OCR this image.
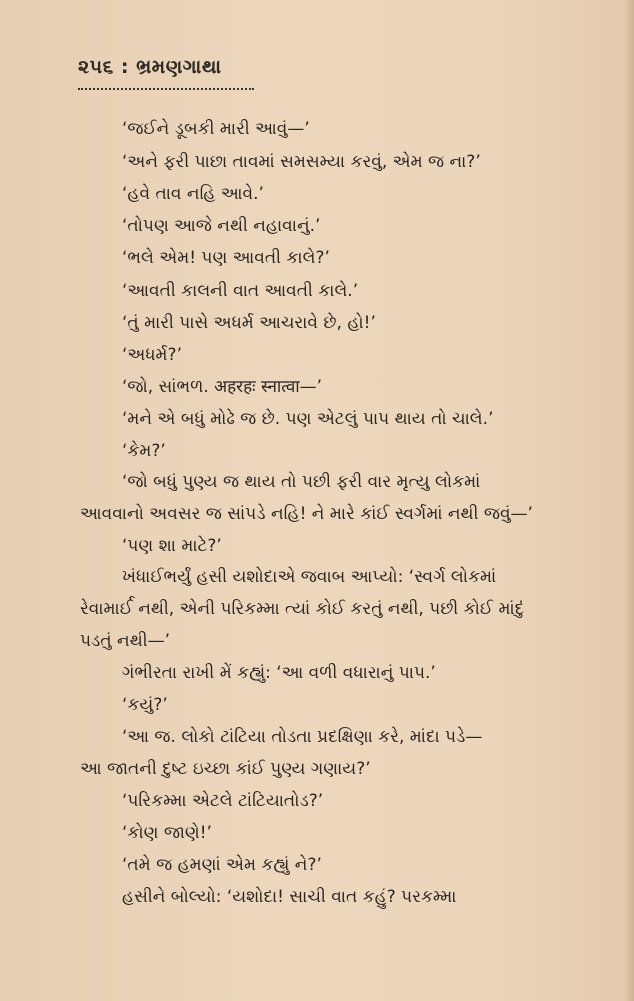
૨૫૬ : ભ્રમણગાથા
‘જઈને ડૂબકી મારી આવું—’
‘અને ફરી પાછા તાવમાં સમસમ્યા કરવું, એમ જ ના?’
‘હવે તાવ નહિ આવે.’
‘તોપણ આજે નથી નહાવાનું.’
‘ભલે એમ! પણ આવતી કાલે?’
‘આવતી કાલની વાત આવતી કાલે.’
‘તું મારી પાસે અધર્મ આચરાવે છે, હો!’
‘અધર્મ?’
‘જો, સાંભળ. अहरहः स्नात्वा—’
‘મને એ બધું મોઢે જ છે. પણ એટલું પાપ થાય તો ચાલે.’
‘કેમ?’
‘જો બધું પુણ્ય જ થાય તો પછી ફરી વાર મૃત્યુ લોકમાં
આવવાનો અવસર જ સાંપડે નહિ! ને મારે કાંઈ સ્વર્ગમાં નથી જવું—’
‘પણ શા માટે?’
ખંધાઈભર્યું હસી યશોદાએ જવાબ આપ્યો: ‘સ્વર્ગ લોકમાં
રેવામાર્ઈ નથી, એની પરિકમ્મા ત્યાં કોઈ કરતું નથી, પછી કોઈ માંદું
પડતું નથી—’
ગંભીરતા રાખી મેં કહ્યું: ‘આ વળી વધારાનું પાપ.’
‘કયું?’
‘આ જ. લોકો ટાંટિયા તોડતા પ્રદક્ષિણા કરે, માંદા પડે—
આ જાતની દુષ્ટ ઇચ્છા કાંઈ પુણ્ય ગણાય?’
‘પરિકમ્મા એટલે ટાંટિયાતોડ?’
‘કોણ જાણે!’
‘તમે જ હમણાં એમ કહ્યું ને?’
હસીને બોલ્યો: ‘યશોદા! સાચી વાત કહું? પરકમ્મા
